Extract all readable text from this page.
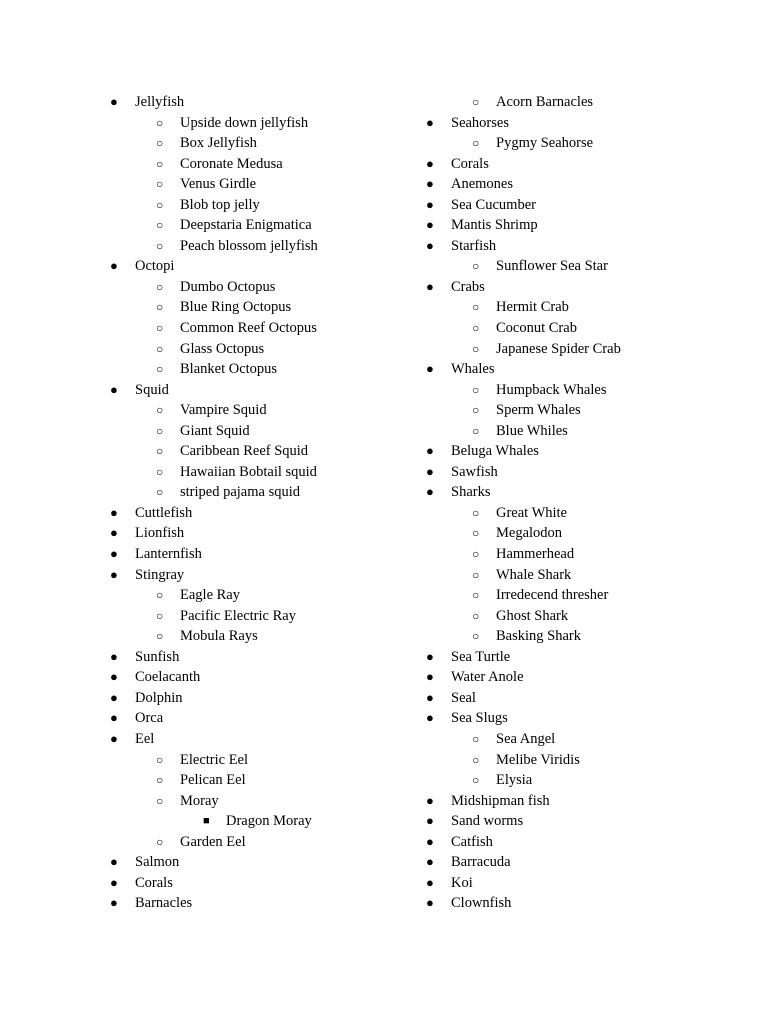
● Jellyfish
○ Upside down jellyfish
○ Box Jellyfish
○ Coronate Medusa
○ Venus Girdle
○ Blob top jelly
○ Deepstaria Enigmatica
○ Peach blossom jellyfish
● Octopi
○ Dumbo Octopus
○ Blue Ring Octopus
○ Common Reef Octopus
○ Glass Octopus
○ Blanket Octopus
● Squid
○ Vampire Squid
○ Giant Squid
○ Caribbean Reef Squid
○ Hawaiian Bobtail squid
○ striped pajama squid
● Cuttlefish
● Lionfish
● Lanternfish
● Stingray
○ Eagle Ray
○ Pacific Electric Ray
○ Mobula Rays
● Sunfish
● Coelacanth
● Dolphin
● Orca
● Eel
○ Electric Eel
○ Pelican Eel
○ Moray
■ Dragon Moray
○ Garden Eel
● Salmon
● Corals
● Barnacles
○ Acorn Barnacles
● Seahorses
○ Pygmy Seahorse
● Corals
● Anemones
● Sea Cucumber
● Mantis Shrimp
● Starfish
○ Sunflower Sea Star
● Crabs
○ Hermit Crab
○ Coconut Crab
○ Japanese Spider Crab
● Whales
○ Humpback Whales
○ Sperm Whales
○ Blue Whiles
● Beluga Whales
● Sawfish
● Sharks
○ Great White
○ Megalodon
○ Hammerhead
○ Whale Shark
○ Irredecend thresher
○ Ghost Shark
○ Basking Shark
● Sea Turtle
● Water Anole
● Seal
● Sea Slugs
○ Sea Angel
○ Melibe Viridis
○ Elysia
● Midshipman fish
● Sand worms
● Catfish
● Barracuda
● Koi
● Clownfish
